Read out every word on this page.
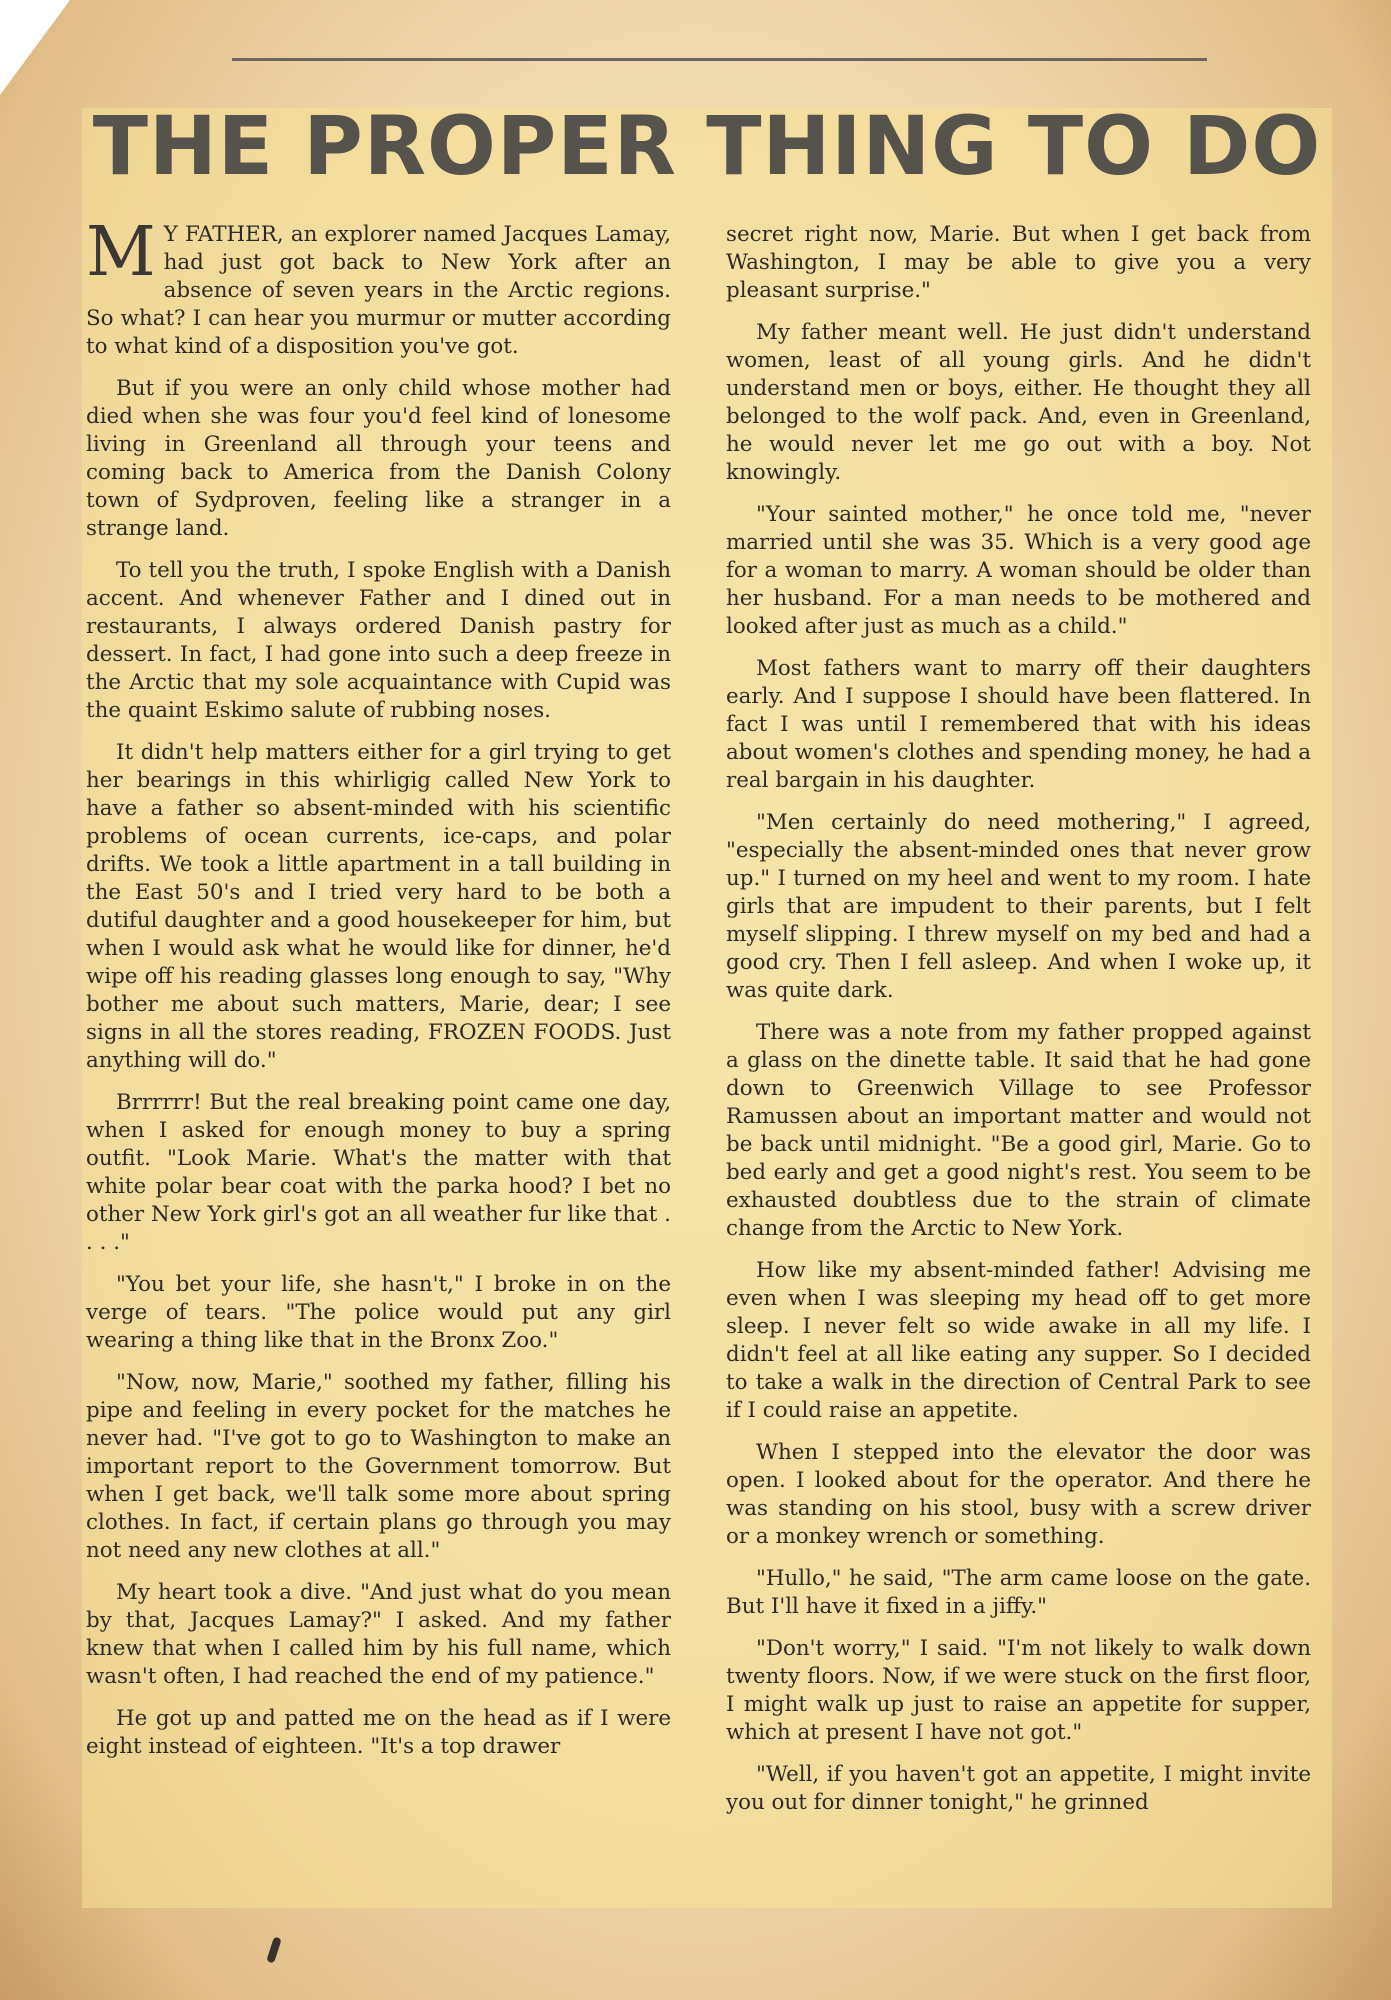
THE PROPER THING TO DO

M Y FATHER, an explorer named Jacques Lamay, had just got back to New York after an absence of seven years in the Arctic regions. So what? I can hear you murmur or mutter according to what kind of a disposition you've got.

But if you were an only child whose mother had died when she was four you'd feel kind of lonesome living in Greenland all through your teens and coming back to America from the Danish Colony town of Sydproven, feeling like a stranger in a strange land.

To tell you the truth, I spoke English with a Danish accent. And whenever Father and I dined out in restaurants, I always ordered Danish pastry for dessert. In fact, I had gone into such a deep freeze in the Arctic that my sole acquaintance with Cupid was the quaint Eskimo salute of rubbing noses.

It didn't help matters either for a girl trying to get her bearings in this whirligig called New York to have a father so absent-minded with his scientific problems of ocean currents, ice-caps, and polar drifts. We took a little apartment in a tall building in the East 50's and I tried very hard to be both a dutiful daughter and a good housekeeper for him, but when I would ask what he would like for dinner, he'd wipe off his reading glasses long enough to say, "Why bother me about such matters, Marie, dear; I see signs in all the stores reading, FROZEN FOODS. Just anything will do."

Brrrrrr! But the real breaking point came one day, when I asked for enough money to buy a spring outfit. "Look Marie. What's the matter with that white polar bear coat with the parka hood? I bet no other New York girl's got an all weather fur like that . . . ."

"You bet your life, she hasn't," I broke in on the verge of tears. "The police would put any girl wearing a thing like that in the Bronx Zoo."

"Now, now, Marie," soothed my father, filling his pipe and feeling in every pocket for the matches he never had. "I've got to go to Washington to make an important report to the Government tomorrow. But when I get back, we'll talk some more about spring clothes. In fact, if certain plans go through you may not need any new clothes at all."

My heart took a dive. "And just what do you mean by that, Jacques Lamay?" I asked. And my father knew that when I called him by his full name, which wasn't often, I had reached the end of my patience."

He got up and patted me on the head as if I were eight instead of eighteen. "It's a top drawer

secret right now, Marie. But when I get back from Washington, I may be able to give you a very pleasant surprise."

My father meant well. He just didn't understand women, least of all young girls. And he didn't understand men or boys, either. He thought they all belonged to the wolf pack. And, even in Greenland, he would never let me go out with a boy. Not knowingly.

"Your sainted mother," he once told me, "never married until she was 35. Which is a very good age for a woman to marry. A woman should be older than her husband. For a man needs to be mothered and looked after just as much as a child."

Most fathers want to marry off their daughters early. And I suppose I should have been flattered. In fact I was until I remembered that with his ideas about women's clothes and spending money, he had a real bargain in his daughter.

"Men certainly do need mothering," I agreed, "especially the absent-minded ones that never grow up." I turned on my heel and went to my room. I hate girls that are impudent to their parents, but I felt myself slipping. I threw myself on my bed and had a good cry. Then I fell asleep. And when I woke up, it was quite dark.

There was a note from my father propped against a glass on the dinette table. It said that he had gone down to Greenwich Village to see Professor Ramussen about an important matter and would not be back until midnight. "Be a good girl, Marie. Go to bed early and get a good night's rest. You seem to be exhausted doubtless due to the strain of climate change from the Arctic to New York.

How like my absent-minded father! Advising me even when I was sleeping my head off to get more sleep. I never felt so wide awake in all my life. I didn't feel at all like eating any supper. So I decided to take a walk in the direction of Central Park to see if I could raise an appetite.

When I stepped into the elevator the door was open. I looked about for the operator. And there he was standing on his stool, busy with a screw driver or a monkey wrench or something.

"Hullo," he said, "The arm came loose on the gate. But I'll have it fixed in a jiffy."

"Don't worry," I said. "I'm not likely to walk down twenty floors. Now, if we were stuck on the first floor, I might walk up just to raise an appetite for supper, which at present I have not got."

"Well, if you haven't got an appetite, I might invite you out for dinner tonight," he grinned
